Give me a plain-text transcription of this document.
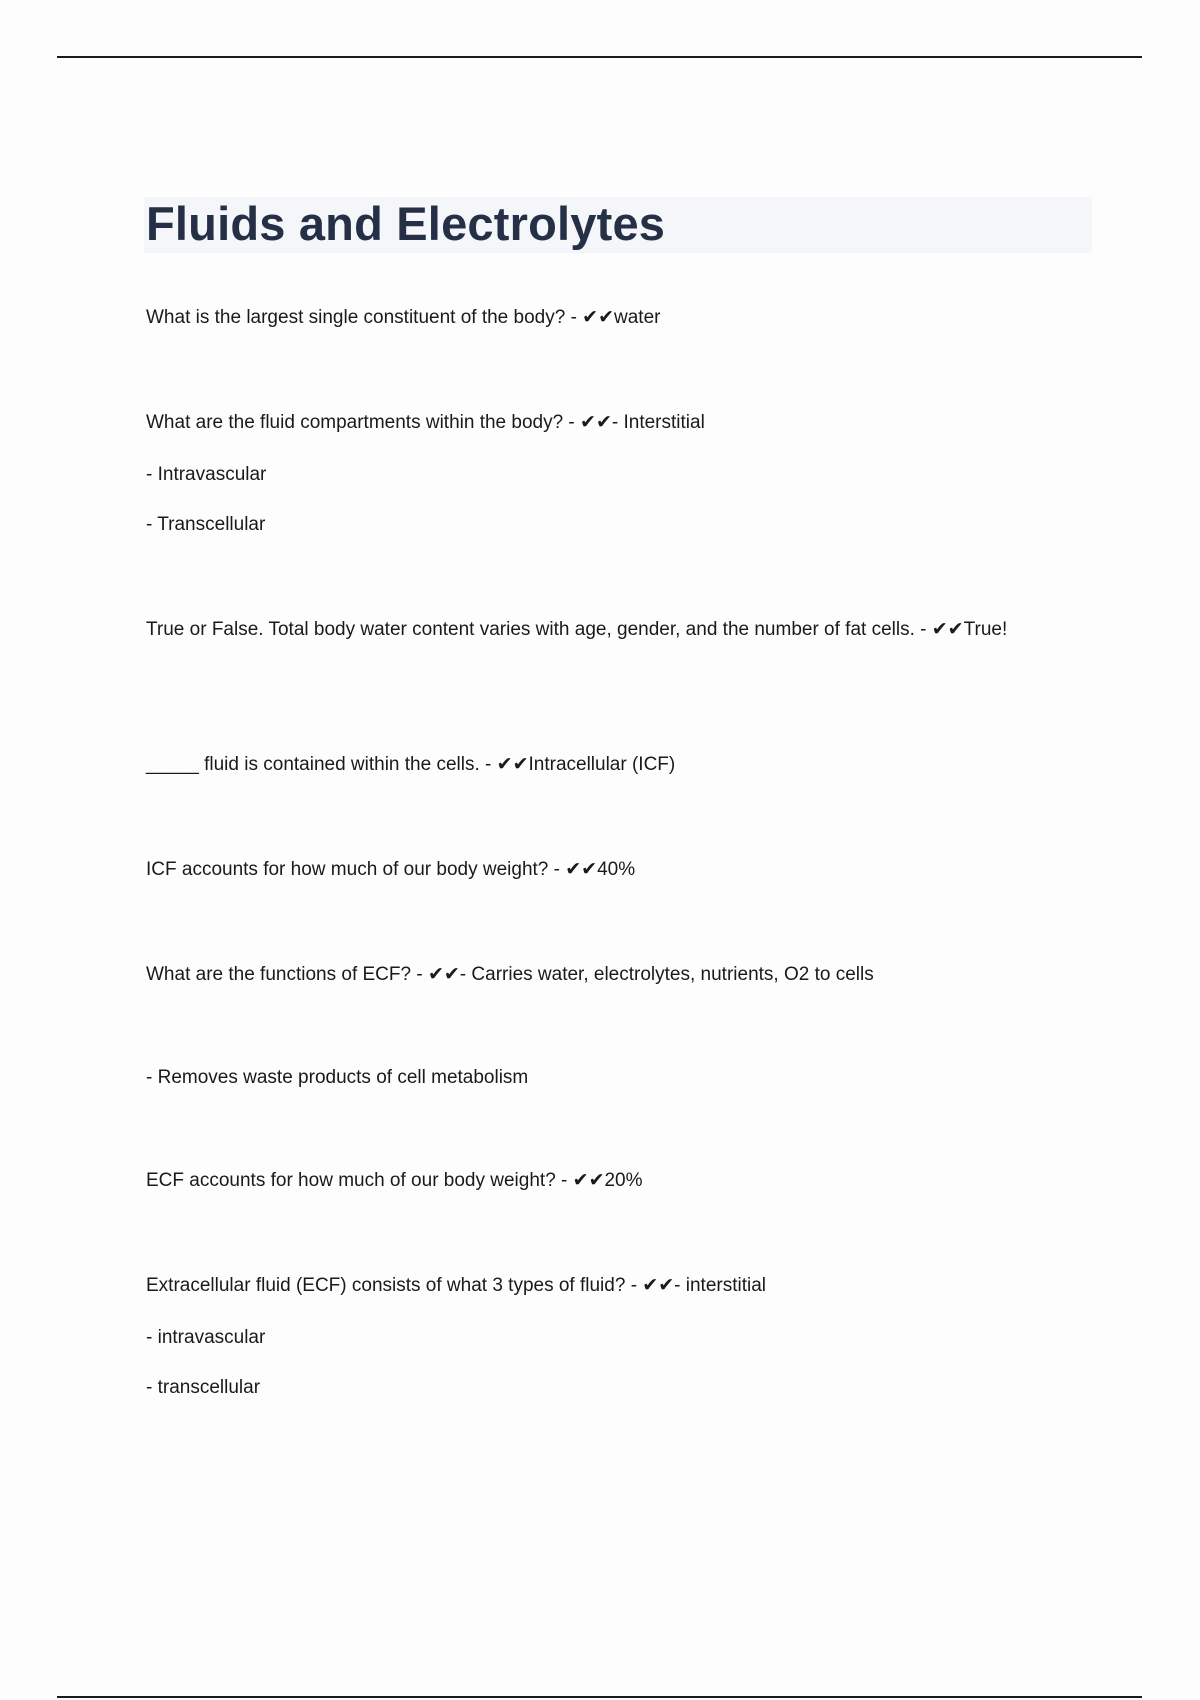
Fluids and Electrolytes

What is the largest single constituent of the body? - ✔✔water

What are the fluid compartments within the body? - ✔✔- Interstitial

- Intravascular

- Transcellular

True or False. Total body water content varies with age, gender, and the number of fat cells. - ✔✔True!

_____ fluid is contained within the cells. - ✔✔Intracellular (ICF)

ICF accounts for how much of our body weight? - ✔✔40%

What are the functions of ECF? - ✔✔- Carries water, electrolytes, nutrients, O2 to cells

- Removes waste products of cell metabolism

ECF accounts for how much of our body weight? - ✔✔20%

Extracellular fluid (ECF) consists of what 3 types of fluid? - ✔✔- interstitial

- intravascular

- transcellular
